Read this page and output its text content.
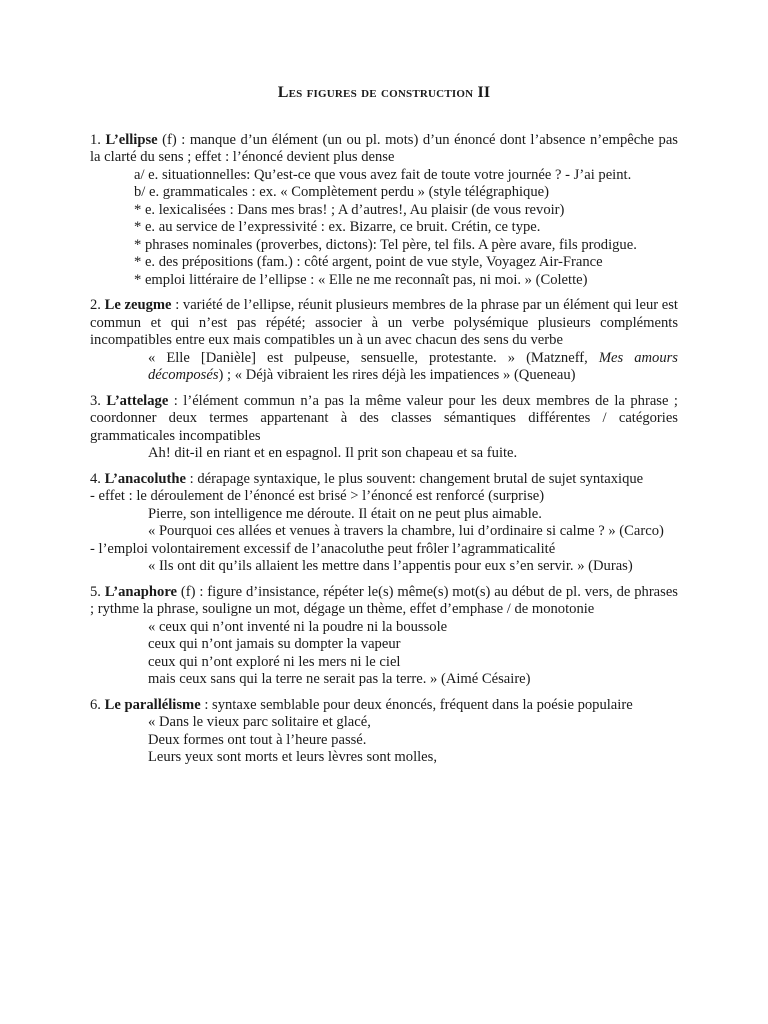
Les figures de construction II
1. L’ellipse (f) : manque d’un élément (un ou pl. mots) d’un énoncé dont l’absence n’empêche pas la clarté du sens ; effet : l’énoncé devient plus dense
a/ e. situationnelles: Qu’est-ce que vous avez fait de toute votre journée ? - J’ai peint.
b/ e. grammaticales : ex. « Complètement perdu » (style télégraphique)
* e. lexicalisées : Dans mes bras! ; A d’autres!, Au plaisir (de vous revoir)
* e. au service de l’expressivité : ex. Bizarre, ce bruit. Crétin, ce type.
* phrases nominales (proverbes, dictons): Tel père, tel fils. A père avare, fils prodigue.
* e. des prépositions (fam.) : côté argent, point de vue style, Voyagez Air-France
* emploi littéraire de l’ellipse : « Elle ne me reconnaît pas, ni moi. » (Colette)
2. Le zeugme : variété de l’ellipse, réunit plusieurs membres de la phrase par un élément qui leur est commun et qui n’est pas répété; associer à un verbe polysémique plusieurs compléments incompatibles entre eux mais compatibles un à un avec chacun des sens du verbe
« Elle [Danièle] est pulpeuse, sensuelle, protestante. » (Matzneff, Mes amours décomposés) ; « Déjà vibraient les rires déjà les impatiences » (Queneau)
3. L’attelage : l’élément commun n’a pas la même valeur pour les deux membres de la phrase ; coordonner deux termes appartenant à des classes sémantiques différentes / catégories grammaticales incompatibles
Ah! dit-il en riant et en espagnol. Il prit son chapeau et sa fuite.
4. L’anacoluthe : dérapage syntaxique, le plus souvent: changement brutal de sujet syntaxique
- effet : le déroulement de l’énoncé est brisé > l’énoncé est renforcé (surprise)
Pierre, son intelligence me déroute. Il était on ne peut plus aimable.
« Pourquoi ces allées et venues à travers la chambre, lui d’ordinaire si calme ? » (Carco)
- l’emploi volontairement excessif de l’anacoluthe peut frôler l’agrammaticalité
« Ils ont dit qu’ils allaient les mettre dans l’appentis pour eux s’en servir. » (Duras)
5. L’anaphore (f) : figure d’insistance, répéter le(s) même(s) mot(s) au début de pl. vers, de phrases ; rythme la phrase, souligne un mot, dégage un thème, effet d’emphase / de monotonie
« ceux qui n’ont inventé ni la poudre ni la boussole
ceux qui n’ont jamais su dompter la vapeur
ceux qui n’ont exploré ni les mers ni le ciel
mais ceux sans qui la terre ne serait pas la terre. » (Aimé Césaire)
6. Le parallélisme : syntaxe semblable pour deux énoncés, fréquent dans la poésie populaire
« Dans le vieux parc solitaire et glacé,
Deux formes ont tout à l’heure passé.
Leurs yeux sont morts et leurs lèvres sont molles,
